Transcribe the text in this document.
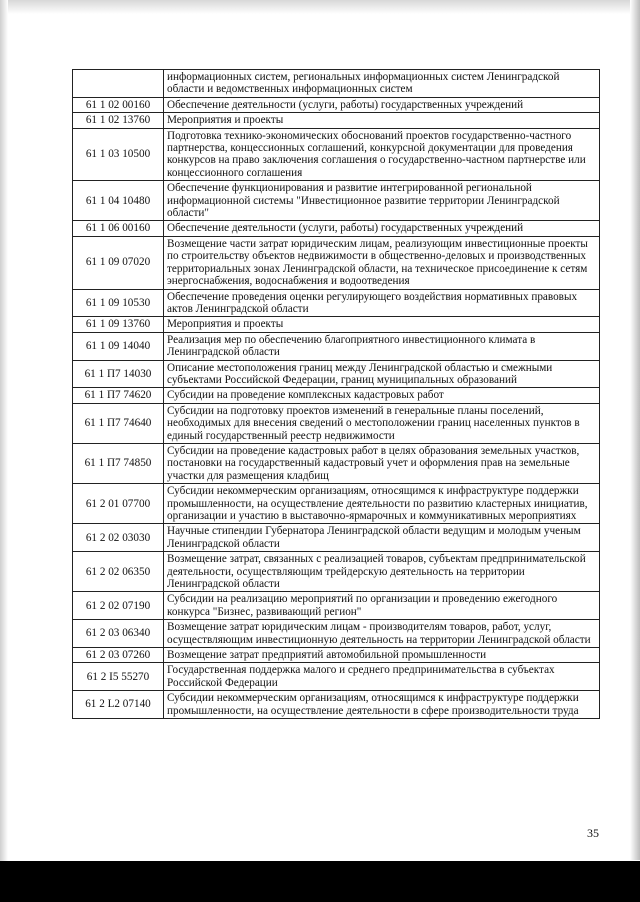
	информационных систем, региональных информационных систем Ленинградской области и ведомственных информационных систем
61 1 02 00160	Обеспечение деятельности (услуги, работы) государственных учреждений
61 1 02 13760	Мероприятия и проекты
61 1 03 10500	Подготовка технико-экономических обоснований проектов государственно-частного партнерства, концессионных соглашений, конкурсной документации для проведения конкурсов на право заключения соглашения о государственно-частном партнерстве или концессионного соглашения
61 1 04 10480	Обеспечение функционирования и развитие интегрированной региональной информационной системы "Инвестиционное развитие территории Ленинградской области"
61 1 06 00160	Обеспечение деятельности (услуги, работы) государственных учреждений
61 1 09 07020	Возмещение части затрат юридическим лицам, реализующим инвестиционные проекты по строительству объектов недвижимости в общественно-деловых и производственных территориальных зонах Ленинградской области, на техническое присоединение к сетям энергоснабжения, водоснабжения и водоотведения
61 1 09 10530	Обеспечение проведения оценки регулирующего воздействия нормативных правовых актов Ленинградской области
61 1 09 13760	Мероприятия и проекты
61 1 09 14040	Реализация мер по обеспечению благоприятного инвестиционного климата в Ленинградской области
61 1 П7 14030	Описание местоположения границ между Ленинградской областью и смежными субъектами Российской Федерации, границ муниципальных образований
61 1 П7 74620	Субсидии на проведение комплексных кадастровых работ
61 1 П7 74640	Субсидии на подготовку проектов изменений в генеральные планы поселений, необходимых для внесения сведений о местоположении границ населенных пунктов в единый государственный реестр недвижимости
61 1 П7 74850	Субсидии на проведение кадастровых работ в целях образования земельных участков, постановки на государственный кадастровый учет и оформления прав на земельные участки для размещения кладбищ
61 2 01 07700	Субсидии некоммерческим организациям, относящимся к инфраструктуре поддержки промышленности, на осуществление деятельности по развитию кластерных инициатив, организации и участию в выставочно-ярмарочных и коммуникативных мероприятиях
61 2 02 03030	Научные стипендии Губернатора Ленинградской области ведущим и молодым ученым Ленинградской области
61 2 02 06350	Возмещение затрат, связанных с реализацией товаров, субъектам предпринимательской деятельности, осуществляющим трейдерскую деятельность на территории Ленинградской области
61 2 02 07190	Субсидии на реализацию мероприятий по организации и проведению ежегодного конкурса "Бизнес, развивающий регион"
61 2 03 06340	Возмещение затрат юридическим лицам - производителям товаров, работ, услуг, осуществляющим инвестиционную деятельность на территории Ленинградской области
61 2 03 07260	Возмещение затрат предприятий автомобильной промышленности
61 2 I5 55270	Государственная поддержка малого и среднего предпринимательства в субъектах Российской Федерации
61 2 L2 07140	Субсидии некоммерческим организациям, относящимся к инфраструктуре поддержки промышленности, на осуществление деятельности в сфере производительности труда
35
